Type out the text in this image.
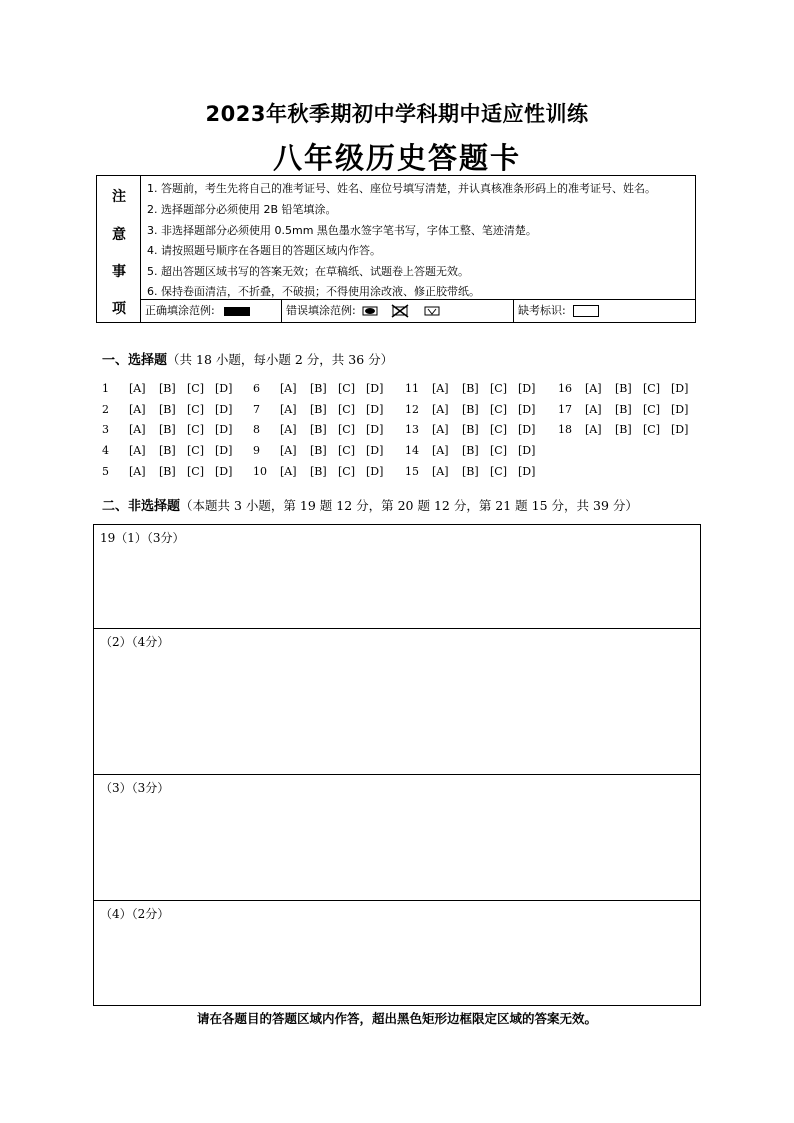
2023年秋季期初中学科期中适应性训练
八年级历史答题卡
注
意
事
项
1. 答题前，考生先将自己的准考证号、姓名、座位号填写清楚，并认真核准条形码上的准考证号、姓名。
2. 选择题部分必须使用 2B 铅笔填涂。
3. 非选择题部分必须使用 0.5mm 黑色墨水签字笔书写，字体工整、笔迹清楚。
4. 请按照题号顺序在各题目的答题区域内作答。
5. 超出答题区域书写的答案无效；在草稿纸、试题卷上答题无效。
6. 保持卷面清洁，不折叠，不破损；不得使用涂改液、修正胶带纸。
正确填涂范例:	错误填涂范例:	缺考标识:
一、选择题（共 18 小题，每小题 2 分，共 36 分）
1 [A] [B] [C] [D]
2 [A] [B] [C] [D]
3 [A] [B] [C] [D]
4 [A] [B] [C] [D]
5 [A] [B] [C] [D]
6 [A] [B] [C] [D]
7 [A] [B] [C] [D]
8 [A] [B] [C] [D]
9 [A] [B] [C] [D]
10 [A] [B] [C] [D]
11 [A] [B] [C] [D]
12 [A] [B] [C] [D]
13 [A] [B] [C] [D]
14 [A] [B] [C] [D]
15 [A] [B] [C] [D]
16 [A] [B] [C] [D]
17 [A] [B] [C] [D]
18 [A] [B] [C] [D]
二、非选择题（本题共 3 小题，第 19 题 12 分，第 20 题 12 分，第 21 题 15 分，共 39 分）
19（1）（3分）
（2）（4分）
（3）（3分）
（4）（2分）
请在各题目的答题区域内作答，超出黑色矩形边框限定区域的答案无效。
